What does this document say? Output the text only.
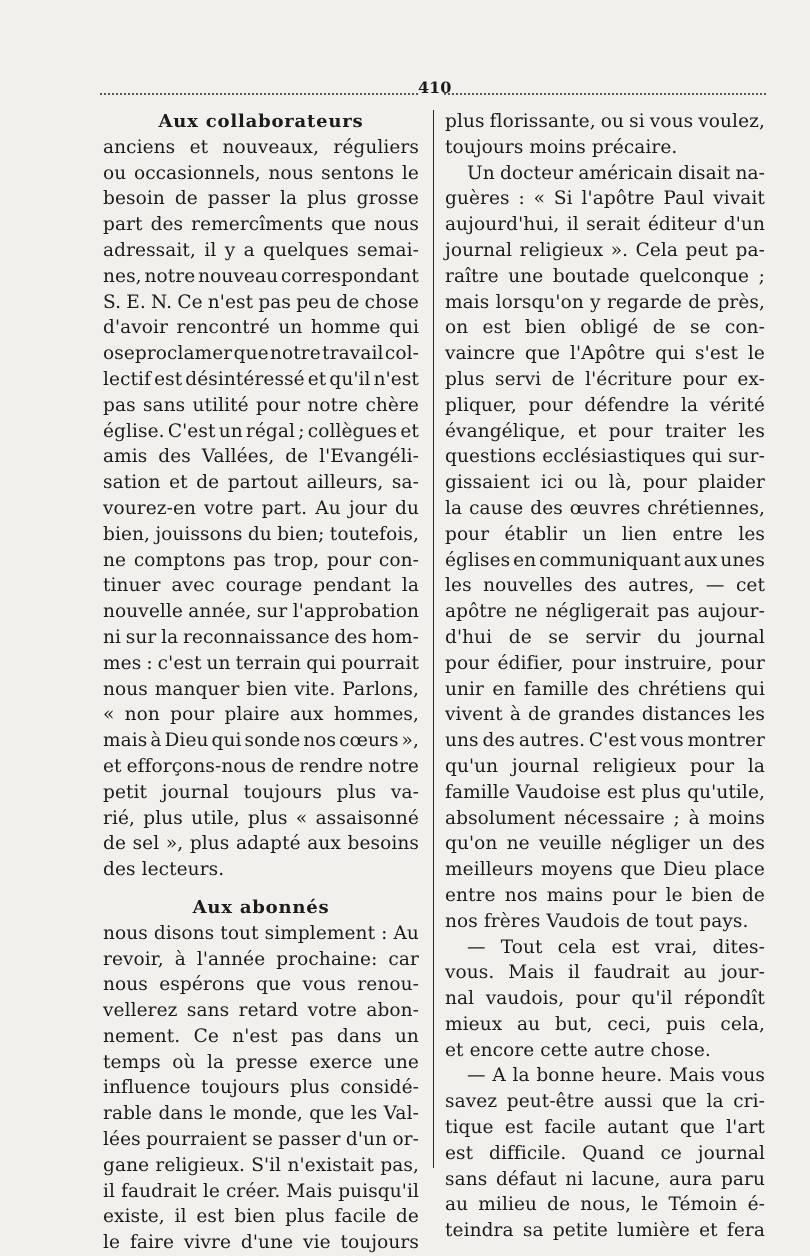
410
Aux collaborateurs
anciens et nouveaux, réguliers
ou occasionnels, nous sentons le
besoin de passer la plus grosse
part des remercîments que nous
adressait, il y a quelques semai-
nes, notre nouveau correspondant
S. E. N. Ce n'est pas peu de chose
d'avoir rencontré un homme qui
oseproclamer que notre travail col-
lectif est désintéressé et qu'il n'est
pas sans utilité pour notre chère
église. C'est un régal ; collègues et
amis des Vallées, de l'Evangéli-
sation et de partout ailleurs, sa-
vourez-en votre part. Au jour du
bien, jouissons du bien; toutefois,
ne comptons pas trop, pour con-
tinuer avec courage pendant la
nouvelle année, sur l'approbation
ni sur la reconnaissance des hom-
mes : c'est un terrain qui pourrait
nous manquer bien vite. Parlons,
« non pour plaire aux hommes,
mais à Dieu qui sonde nos cœurs »,
et efforçons-nous de rendre notre
petit journal toujours plus va-
rié, plus utile, plus « assaisonné
de sel », plus adapté aux besoins
des lecteurs.
Aux abonnés
nous disons tout simplement : Au
revoir, à l'année prochaine: car
nous espérons que vous renou-
vellerez sans retard votre abon-
nement. Ce n'est pas dans un
temps où la presse exerce une
influence toujours plus considé-
rable dans le monde, que les Val-
lées pourraient se passer d'un or-
gane religieux. S'il n'existait pas,
il faudrait le créer. Mais puisqu'il
existe, il est bien plus facile de
le faire vivre d'une vie toujours
plus florissante, ou si vous voulez,
toujours moins précaire.
Un docteur américain disait na-
guères : « Si l'apôtre Paul vivait
aujourd'hui, il serait éditeur d'un
journal religieux ». Cela peut pa-
raître une boutade quelconque ;
mais lorsqu'on y regarde de près,
on est bien obligé de se con-
vaincre que l'Apôtre qui s'est le
plus servi de l'écriture pour ex-
pliquer, pour défendre la vérité
évangélique, et pour traiter les
questions ecclésiastiques qui sur-
gissaient ici ou là, pour plaider
la cause des œuvres chrétiennes,
pour établir un lien entre les
églises en communiquant aux unes
les nouvelles des autres, — cet
apôtre ne négligerait pas aujour-
d'hui de se servir du journal
pour édifier, pour instruire, pour
unir en famille des chrétiens qui
vivent à de grandes distances les
uns des autres. C'est vous montrer
qu'un journal religieux pour la
famille Vaudoise est plus qu'utile,
absolument nécessaire ; à moins
qu'on ne veuille négliger un des
meilleurs moyens que Dieu place
entre nos mains pour le bien de
nos frères Vaudois de tout pays.
— Tout cela est vrai, dites-
vous. Mais il faudrait au jour-
nal vaudois, pour qu'il répondît
mieux au but, ceci, puis cela,
et encore cette autre chose.
— A la bonne heure. Mais vous
savez peut-être aussi que la cri-
tique est facile autant que l'art
est difficile. Quand ce journal
sans défaut ni lacune, aura paru
au milieu de nous, le Témoin é-
teindra sa petite lumière et fera
